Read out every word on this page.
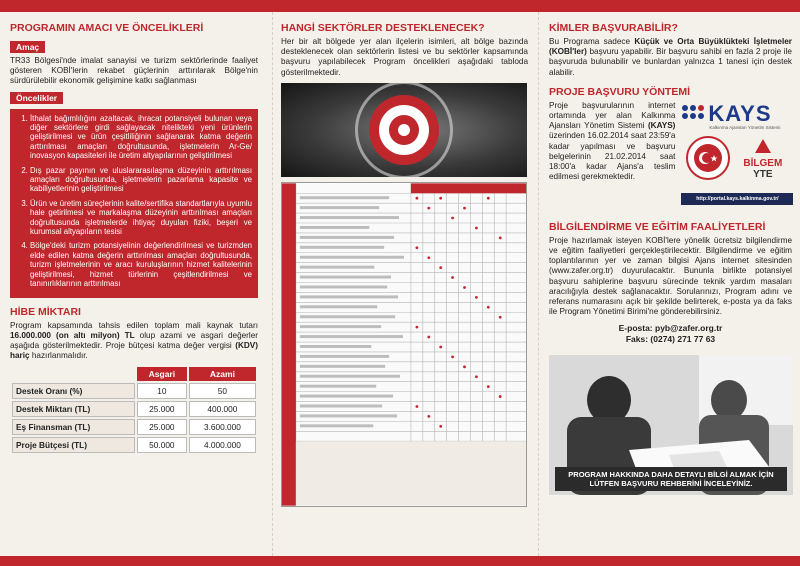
PROGRAMIN AMACI VE ÖNCELİKLERİ
Amaç

TR33 Bölgesi'nde imalat sanayisi ve turizm sektörlerinde faaliyet gösteren KOBİ'lerin rekabet güçlerinin arttırılarak Bölge'nin sürdürülebilir ekonomik gelişimine katkı sağlanması

Öncelikler
1. İthalat bağımlılığını azaltacak, ihracat potansiyeli bulunan veya diğer sektörlere girdi sağlayacak nitelikteki yeni ürünlerin geliştirilmesi ve ürün çeşitliliğinin sağlanarak katma değerin arttırılması amaçları doğrultusunda, işletmelerin Ar-Ge/ inovasyon kapasiteleri ile üretim altyapılarının geliştirilmesi
2. Dış pazar payının ve uluslararasılaşma düzeyinin arttırılması amaçları doğrultusunda, işletmelerin pazarlama kapasite ve kabiliyetlerinin geliştirilmesi
3. Ürün ve üretim süreçlerinin kalite/sertifika standartlarıyla uyumlu hale getirilmesi ve markalaşma düzeyinin arttırılması amaçları doğrultusunda işletmelerde ihtiyaç duyulan fiziki, beşeri ve kurumsal altyapıların tesisi
4. Bölge'deki turizm potansiyelinin değerlendirilmesi ve turizmden elde edilen katma değerin arttırılması amaçları doğrultusunda, turizm işletmelerinin ve aracı kuruluşlarının hizmet kalitelerinin geliştirilmesi, hizmet türlerinin çeşitlendirilmesi ve tanınırlıklarının arttırılması
HİBE MİKTARI

Program kapsamında tahsis edilen toplam mali kaynak tutarı 16.000.000 (on altı milyon) TL olup azami ve asgari değerler aşağıda gösterilmektedir. Proje bütçesi katma değer vergisi (KDV) hariç hazırlanmalıdır.

	Asgari	Azami
Destek Oranı (%)	10	50
Destek Miktarı (TL)	25.000	400.000
Eş Finansman (TL)	25.000	3.600.000
Proje Bütçesi (TL)	50.000	4.000.000
HANGİ SEKTÖRLER DESTEKLENECEK?

Her bir alt bölgede yer alan ilçelerin isimleri, alt bölge bazında desteklenecek olan sektörlerin listesi ve bu sektörler kapsamında başvuru yapılabilecek Program öncelikleri aşağıdaki tabloda gösterilmektedir.

KİMLER BAŞVURABİLİR?

Bu Programa sadece Küçük ve Orta Büyüklükteki İşletmeler (KOBİ'ler) başvuru yapabilir. Bir başvuru sahibi en fazla 2 proje ile başvuruda bulunabilir ve bunlardan yalnızca 1 tanesi için destek alabilir.

PROJE BAŞVURU YÖNTEMİ

Proje başvurularının internet ortamında yer alan Kalkınma Ajansları Yönetim Sistemi (KAYS) üzerinden 16.02.2014 saat 23:59'a kadar yapılması ve başvuru belgelerinin 21.02.2014 saat 18:00'a kadar Ajans'a teslim edilmesi gerekmektedir.

KAYS
Kalkınma Ajansları Yönetim Sistemi
BİLGEM
YTE
http://portal.kays.kalkinma.gov.tr/
BİLGİLENDİRME VE EĞİTİM FAALİYETLERİ

Proje hazırlamak isteyen KOBİ'lere yönelik ücretsiz bilgilendirme ve eğitim faaliyetleri gerçekleştirilecektir. Bilgilendirme ve eğitim toplantılarının yer ve zaman bilgisi Ajans internet sitesinden (www.zafer.org.tr) duyurulacaktır. Bununla birlikte potansiyel başvuru sahiplerine başvuru sürecinde teknik yardım masaları aracılığıyla destek sağlanacaktır. Sorularınızı, Program adını ve referans numarasını açık bir şekilde belirterek, e-posta ya da faks ile Program Yönetimi Birimi'ne gönderebilirsiniz.

E-posta: pyb@zafer.org.tr
Faks: (0274) 271 77 63
PROGRAM HAKKINDA DAHA DETAYLI BİLGİ ALMAK İÇİN LÜTFEN BAŞVURU REHBERİNİ İNCELEYİNİZ.
